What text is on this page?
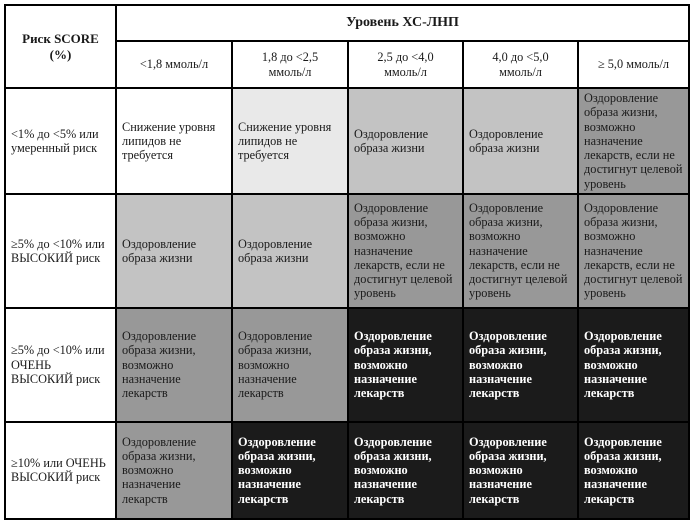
Риск SCORE (%)	Уровень ХС-ЛНП				
	<1,8 ммоль/л	1,8 до <2,5 ммоль/л	2,5 до <4,0 ммоль/л	4,0 до <5,0 ммоль/л	≥ 5,0 ммоль/л
<1% до <5% или умеренный риск	Снижение уровня липидов не требуется	Снижение уровня липидов не требуется	Оздоровление образа жизни	Оздоровление образа жизни	Оздоровление образа жизни, возможно назначение лекарств, если не достигнут целевой уровень
≥5% до <10% или ВЫСОКИЙ риск	Оздоровление образа жизни	Оздоровление образа жизни	Оздоровление образа жизни, возможно назначение лекарств, если не достигнут целевой уровень	Оздоровление образа жизни, возможно назначение лекарств, если не достигнут целевой уровень	Оздоровление образа жизни, возможно назначение лекарств, если не достигнут целевой уровень
≥5% до <10% или ОЧЕНЬ ВЫСОКИЙ риск	Оздоровление образа жизни, возможно назначение лекарств	Оздоровление образа жизни, возможно назначение лекарств	Оздоровление образа жизни, возможно назначение лекарств	Оздоровление образа жизни, возможно назначение лекарств	Оздоровление образа жизни, возможно назначение лекарств
≥10% или ОЧЕНЬ ВЫСОКИЙ риск	Оздоровление образа жизни, возможно назначение лекарств	Оздоровление образа жизни, возможно назначение лекарств	Оздоровление образа жизни, возможно назначение лекарств	Оздоровление образа жизни, возможно назначение лекарств	Оздоровление образа жизни, возможно назначение лекарств
